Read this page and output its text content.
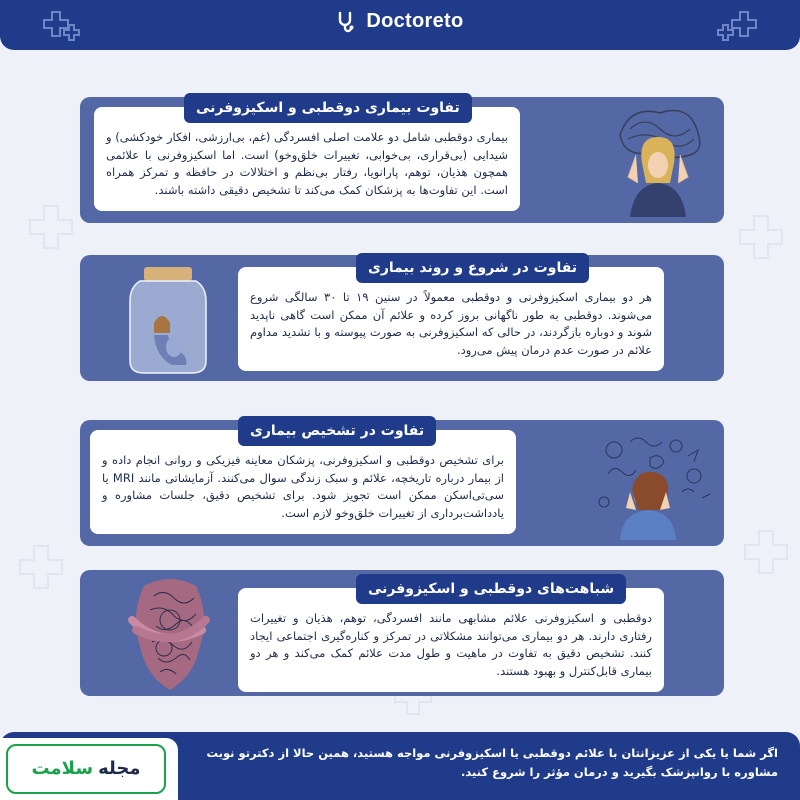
Doctoreto
تفاوت بیماری دوقطبی و اسکیزوفرنی
بیماری دوقطبی شامل دو علامت اصلی افسردگی (غم، بی‌ارزشی، افکار خودکشی) و شیدایی (بی‌قراری، بی‌خوابی، تغییرات خلق‌وخو) است. اما اسکیزوفرنی با علائمی همچون هذیان، توهم، پارانویا، رفتار بی‌نظم و اختلالات در حافظه و تمرکز همراه است. این تفاوت‌ها به پزشکان کمک می‌کند تا تشخیص دقیقی داشته باشند.
تفاوت در شروع و روند بیماری
هر دو بیماری اسکیزوفرنی و دوقطبی معمولاً در سنین ۱۹ تا ۳۰ سالگی شروع می‌شوند. دوقطبی به طور ناگهانی بروز کرده و علائم آن ممکن است گاهی ناپدید شوند و دوباره بازگردند، در حالی که اسکیزوفرنی به صورت پیوسته و با تشدید مداوم علائم در صورت عدم درمان پیش می‌رود.
تفاوت در تشخیص بیماری
برای تشخیص دوقطبی و اسکیزوفرنی، پزشکان معاینه فیزیکی و روانی انجام داده و از بیمار درباره تاریخچه، علائم و سبک زندگی سوال می‌کنند. آزمایشاتی مانند MRI یا سی‌تی‌اسکن ممکن است تجویز شود. برای تشخیص دقیق، جلسات مشاوره و یادداشت‌برداری از تغییرات خلق‌وخو لازم است.
شباهت‌های دوقطبی و اسکیزوفرنی
دوقطبی و اسکیزوفرنی علائم مشابهی مانند افسردگی، توهم، هذیان و تغییرات رفتاری دارند. هر دو بیماری می‌توانند مشکلاتی در تمرکز و کناره‌گیری اجتماعی ایجاد کنند. تشخیص دقیق به تفاوت در ماهیت و طول مدت علائم کمک می‌کند و هر دو بیماری قابل‌کنترل و بهبود هستند.
اگر شما یا یکی از عزیزانتان با علائم دوقطبی یا اسکیزوفرنی مواجه هستید، همین حالا از دکترتو نوبت مشاوره با روانپزشک بگیرید و درمان مؤثر را شروع کنید.
مجله سلامت
